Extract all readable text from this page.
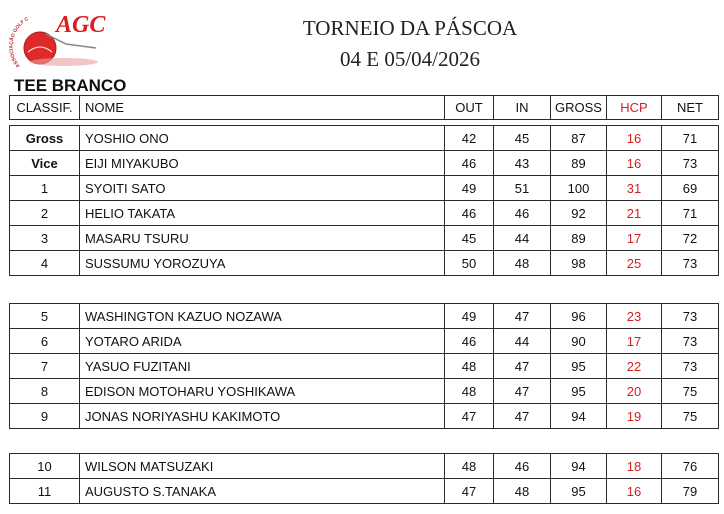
ASSOCIAÇÃO GOLF C AGC	TORNEIO DA PÁSCOA
04 E 05/04/2026
TEE BRANCO
CLASSIF.	NOME	OUT	IN	GROSS	HCP	NET
Gross	YOSHIO ONO	42	45	87	16	71
Vice	EIJI MIYAKUBO	46	43	89	16	73
1	SYOITI SATO	49	51	100	31	69
2	HELIO TAKATA	46	46	92	21	71
3	MASARU TSURU	45	44	89	17	72
4	SUSSUMU YOROZUYA	50	48	98	25	73
5	WASHINGTON KAZUO NOZAWA	49	47	96	23	73
6	YOTARO ARIDA	46	44	90	17	73
7	YASUO FUZITANI	48	47	95	22	73
8	EDISON MOTOHARU YOSHIKAWA	48	47	95	20	75
9	JONAS NORIYASHU KAKIMOTO	47	47	94	19	75
10	WILSON MATSUZAKI	48	46	94	18	76
11	AUGUSTO S.TANAKA	47	48	95	16	79
